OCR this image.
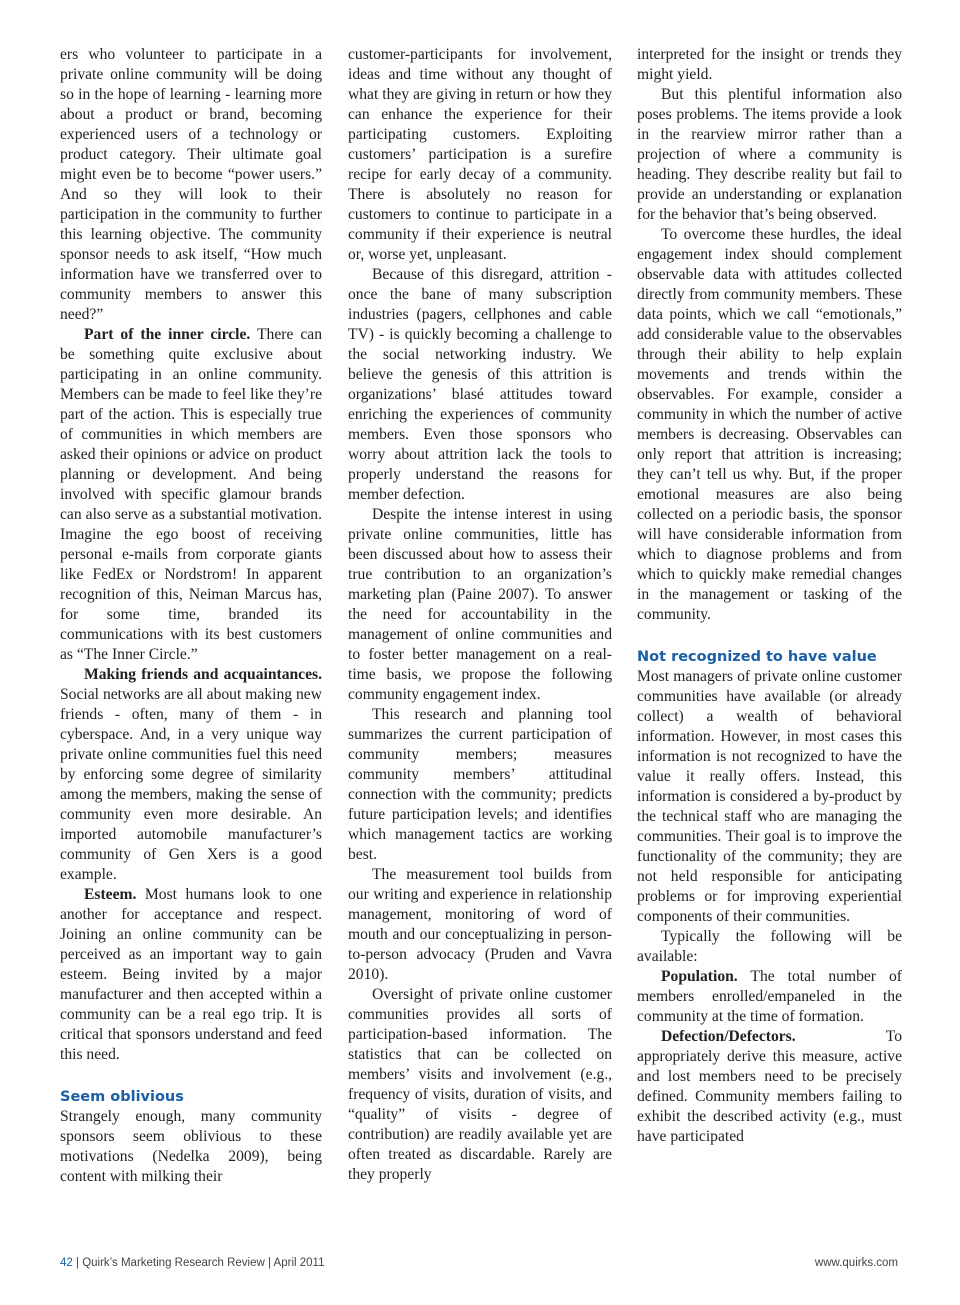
ers who volunteer to participate in a private online community will be doing so in the hope of learning - learning more about a product or brand, becoming experienced users of a technology or product category. Their ultimate goal might even be to become “power users.” And so they will look to their participation in the community to further this learning objective. The community sponsor needs to ask itself, “How much information have we transferred over to community members to answer this need?”

Part of the inner circle. There can be something quite exclusive about participating in an online community. Members can be made to feel like they’re part of the action. This is especially true of communities in which members are asked their opinions or advice on product planning or development. And being involved with specific glamour brands can also serve as a substantial motivation. Imagine the ego boost of receiving personal e-mails from corporate giants like FedEx or Nordstrom! In apparent recognition of this, Neiman Marcus has, for some time, branded its communications with its best customers as “The Inner Circle.”

Making friends and acquaintances. Social networks are all about making new friends - often, many of them - in cyberspace. And, in a very unique way private online communities fuel this need by enforcing some degree of similarity among the members, making the sense of community even more desirable. An imported automobile manufacturer’s community of Gen Xers is a good example.

Esteem. Most humans look to one another for acceptance and respect. Joining an online community can be perceived as an important way to gain esteem. Being invited by a major manufacturer and then accepted within a community can be a real ego trip. It is critical that sponsors understand and feed this need.

Seem oblivious

Strangely enough, many community sponsors seem oblivious to these motivations (Nedelka 2009), being content with milking their

customer-participants for involvement, ideas and time without any thought of what they are giving in return or how they can enhance the experience for their participating customers. Exploiting customers’ participation is a surefire recipe for early decay of a community. There is absolutely no reason for customers to continue to participate in a community if their experience is neutral or, worse yet, unpleasant.

Because of this disregard, attrition - once the bane of many subscription industries (pagers, cellphones and cable TV) - is quickly becoming a challenge to the social networking industry. We believe the genesis of this attrition is organizations’ blasé attitudes toward enriching the experiences of community members. Even those sponsors who worry about attrition lack the tools to properly understand the reasons for member defection.

Despite the intense interest in using private online communities, little has been discussed about how to assess their true contribution to an organization’s marketing plan (Paine 2007). To answer the need for accountability in the management of online communities and to foster better management on a real-time basis, we propose the following community engagement index.

This research and planning tool summarizes the current participation of community members; measures community members’ attitudinal connection with the community; predicts future participation levels; and identifies which management tactics are working best.

The measurement tool builds from our writing and experience in relationship management, monitoring of word of mouth and our conceptualizing in person-to-person advocacy (Pruden and Vavra 2010).

Oversight of private online customer communities provides all sorts of participation-based information. The statistics that can be collected on members’ visits and involvement (e.g., frequency of visits, duration of visits, and “quality” of visits - degree of contribution) are readily available yet are often treated as discardable. Rarely are they properly

interpreted for the insight or trends they might yield.

But this plentiful information also poses problems. The items provide a look in the rearview mirror rather than a projection of where a community is heading. They describe reality but fail to provide an understanding or explanation for the behavior that’s being observed.

To overcome these hurdles, the ideal engagement index should complement observable data with attitudes collected directly from community members. These data points, which we call “emotionals,” add considerable value to the observables through their ability to help explain movements and trends within the observables. For example, consider a community in which the number of active members is decreasing. Observables can only report that attrition is increasing; they can’t tell us why. But, if the proper emotional measures are also being collected on a periodic basis, the sponsor will have considerable information from which to diagnose problems and from which to quickly make remedial changes in the management or tasking of the community.

Not recognized to have value

Most managers of private online customer communities have available (or already collect) a wealth of behavioral information. However, in most cases this information is not recognized to have the value it really offers. Instead, this information is considered a by-product by the technical staff who are managing the communities. Their goal is to improve the functionality of the community; they are not held responsible for anticipating problems or for improving experiential components of their communities.

Typically the following will be available:

Population. The total number of members enrolled/empaneled in the community at the time of formation.

Defection/Defectors. To appropriately derive this measure, active and lost members need to be precisely defined. Community members failing to exhibit the described activity (e.g., must have participated

42 | Quirk’s Marketing Research Review | April 2011	www.quirks.com
